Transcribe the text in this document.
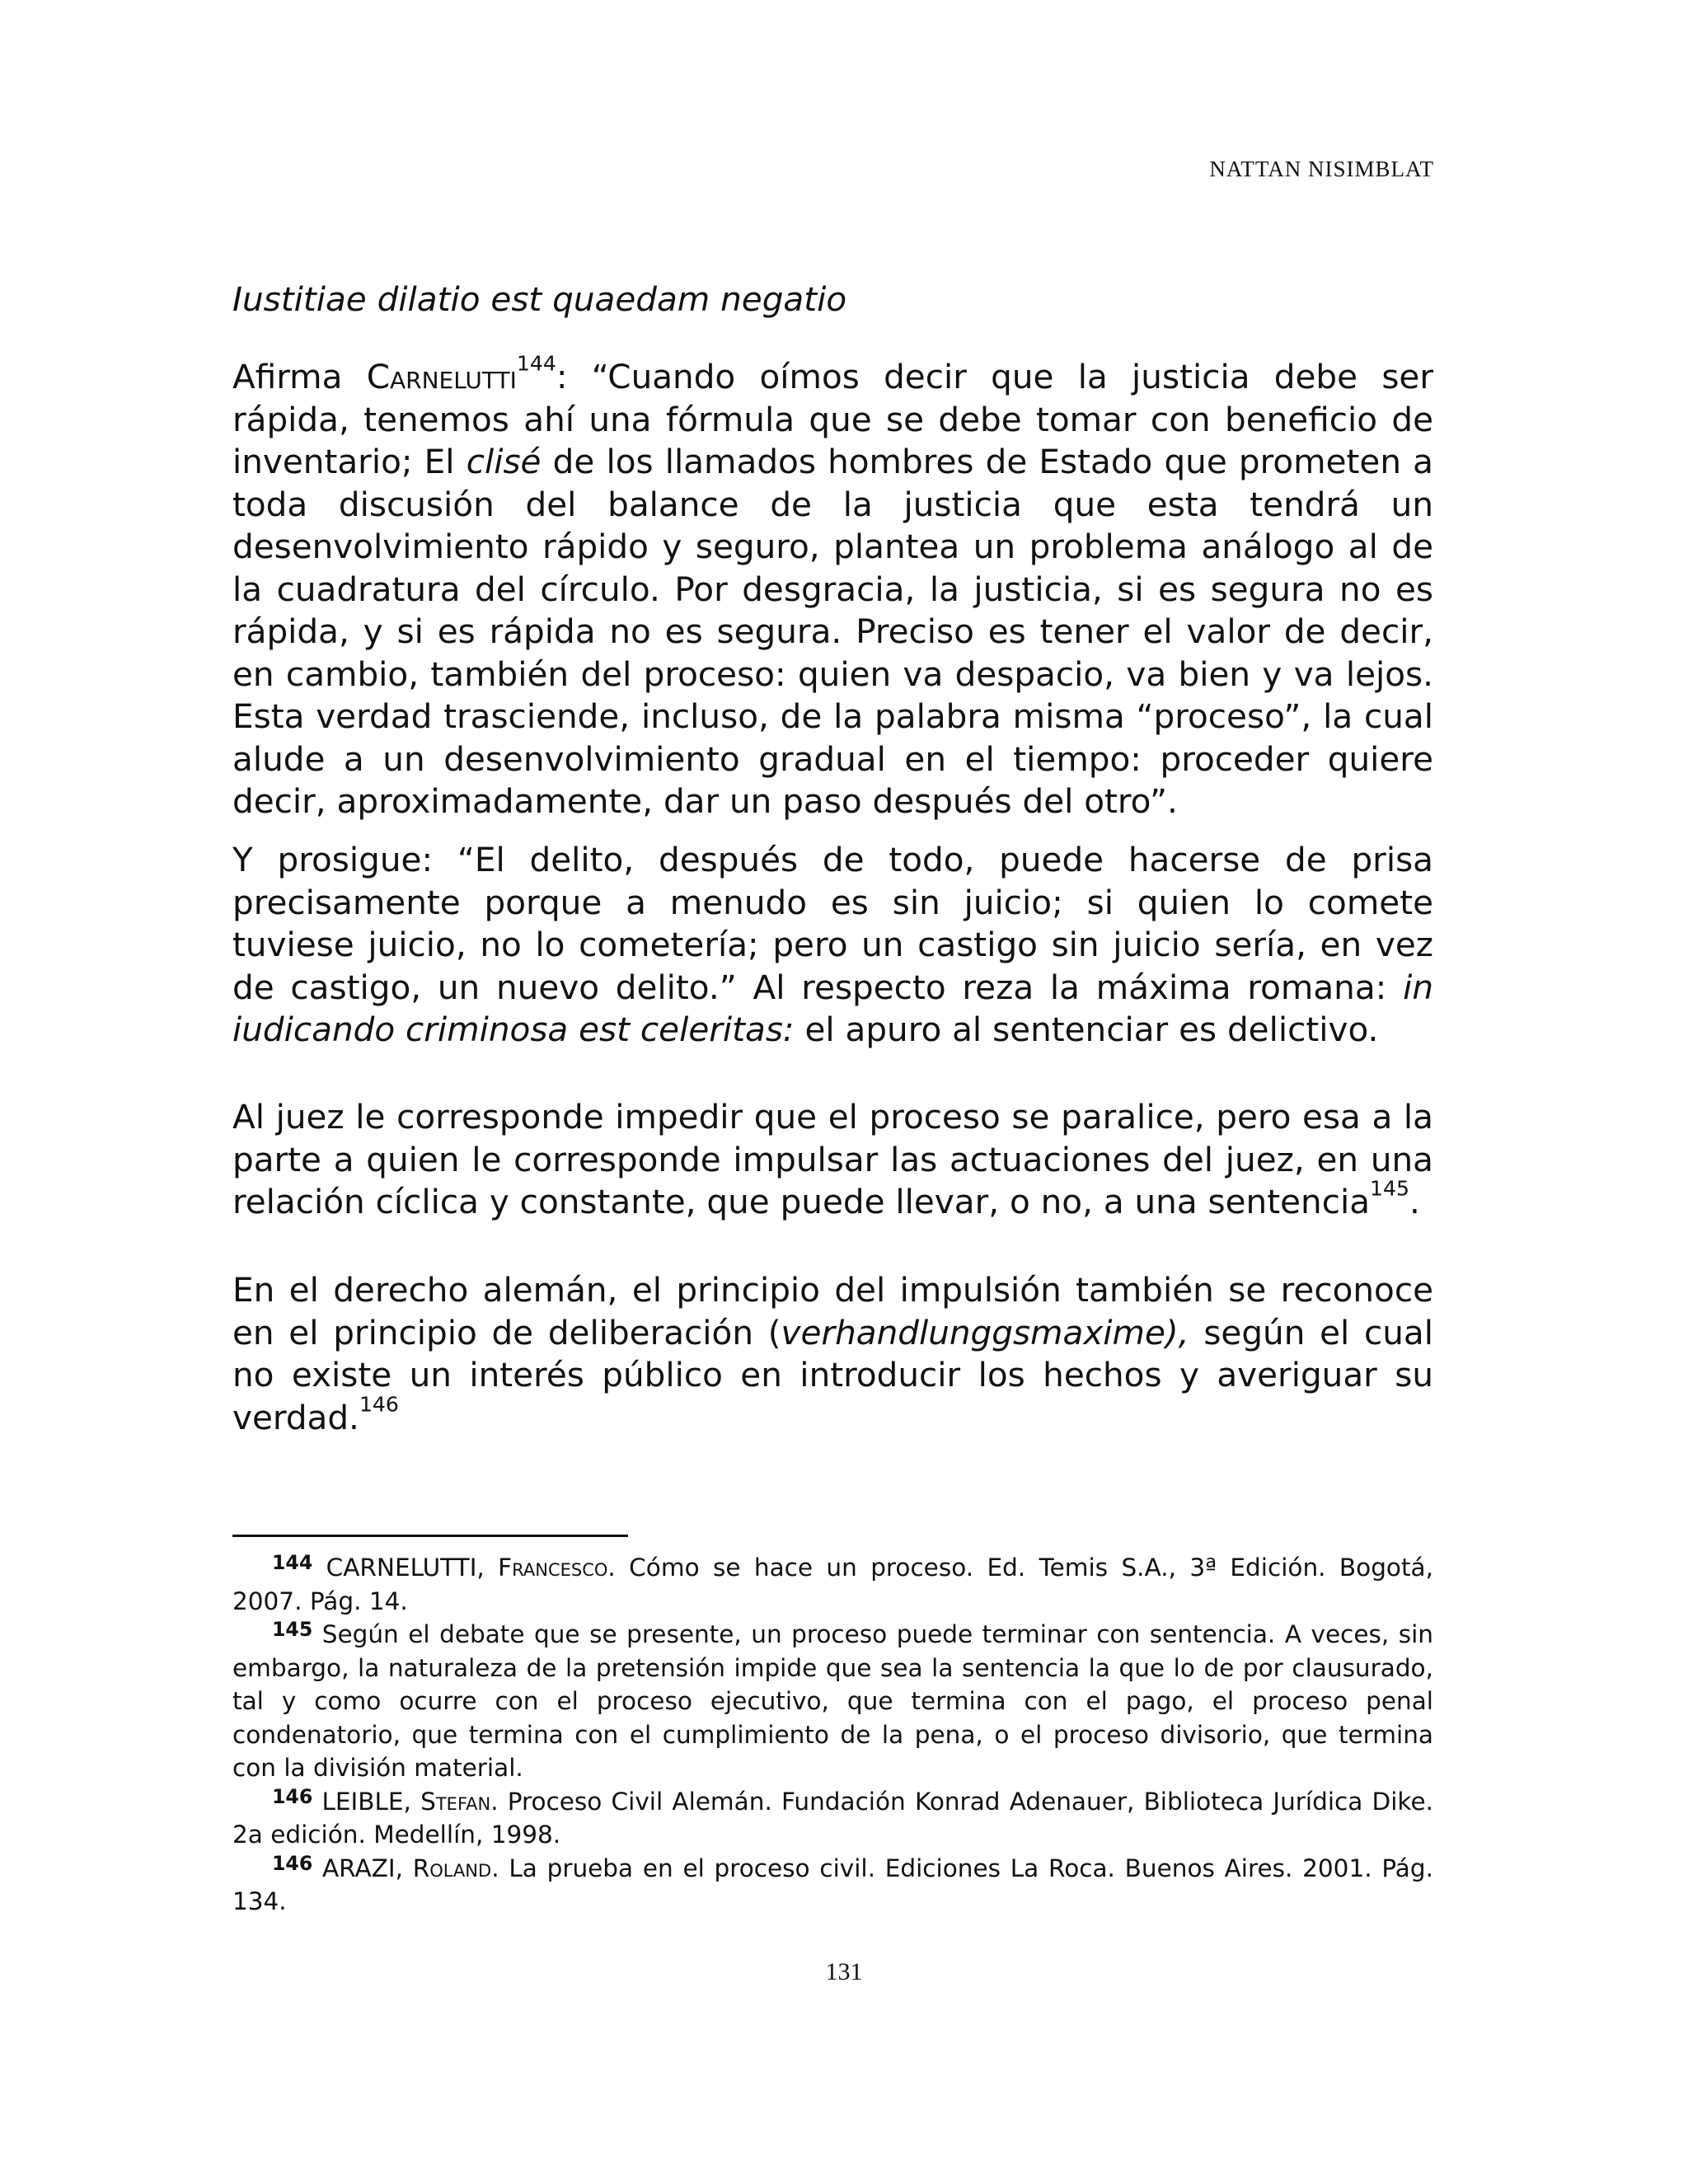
NATTAN NISIMBLAT
Iustitiae dilatio est quaedam negatio

Afirma Carnelutti$^{144}$: “Cuando oímos decir que la justicia debe ser rápida, tenemos ahí una fórmula que se debe tomar con beneficio de inventario; El clisé de los llamados hombres de Estado que prometen a toda discusión del balance de la justicia que esta tendrá un desenvolvimiento rápido y seguro, plantea un problema análogo al de la cuadratura del círculo. Por desgracia, la justicia, si es segura no es rápida, y si es rápida no es segura. Preciso es tener el valor de decir, en cambio, también del proceso: quien va despacio, va bien y va lejos. Esta verdad trasciende, incluso, de la palabra misma “proceso”, la cual alude a un desenvolvimiento gradual en el tiempo: proceder quiere decir, aproximadamente, dar un paso después del otro”.

Y prosigue: “El delito, después de todo, puede hacerse de prisa precisamente porque a menudo es sin juicio; si quien lo comete tuviese juicio, no lo cometería; pero un castigo sin juicio sería, en vez de castigo, un nuevo delito.” Al respecto reza la máxima romana: in iudicando criminosa est celeritas: el apuro al sentenciar es delictivo.

Al juez le corresponde impedir que el proceso se paralice, pero esa a la parte a quien le corresponde impulsar las actuaciones del juez, en una relación cíclica y constante, que puede llevar, o no, a una sentencia$^{145}$.

En el derecho alemán, el principio del impulsión también se reconoce en el principio de deliberación (verhandlunggsmaxime), según el cual no existe un interés público en introducir los hechos y averiguar su verdad.$^{146}$

$^{144}$ CARNELUTTI, Francesco. Cómo se hace un proceso. Ed. Temis S.A., 3ª Edición. Bogotá, 2007. Pág. 14.

$^{145}$ Según el debate que se presente, un proceso puede terminar con sentencia. A veces, sin embargo, la naturaleza de la pretensión impide que sea la sentencia la que lo de por clausurado, tal y como ocurre con el proceso ejecutivo, que termina con el pago, el proceso penal condenatorio, que termina con el cumplimiento de la pena, o el proceso divisorio, que termina con la división material.

$^{146}$ LEIBLE, Stefan. Proceso Civil Alemán. Fundación Konrad Adenauer, Biblioteca Jurídica Dike. 2a edición. Medellín, 1998.

$^{146}$ ARAZI, Roland. La prueba en el proceso civil. Ediciones La Roca. Buenos Aires. 2001. Pág. 134.

131
